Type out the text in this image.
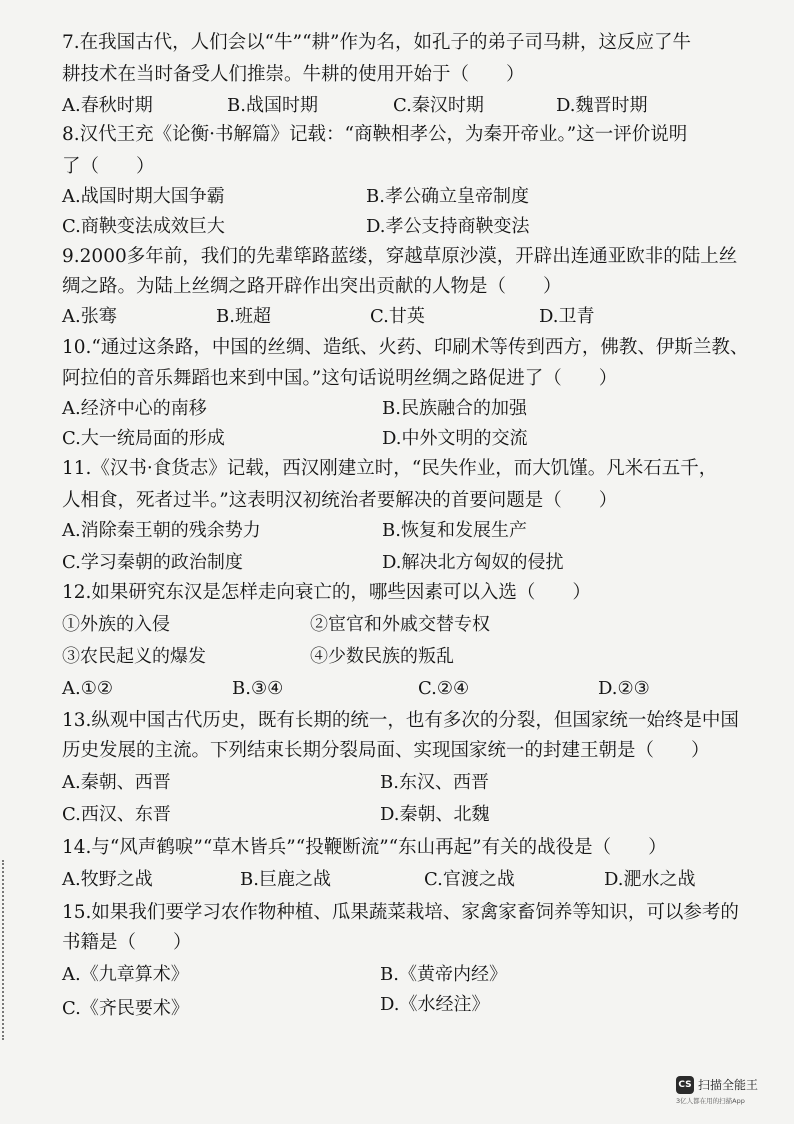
7.在我国古代，人们会以“牛”“耕”作为名，如孔子的弟子司马耕，这反应了牛
耕技术在当时备受人们推崇。牛耕的使用开始于（　　）
A.春秋时期	B.战国时期	C.秦汉时期	D.魏晋时期
8.汉代王充《论衡·书解篇》记载：“商鞅相孝公，为秦开帝业。”这一评价说明
了（　　）
A.战国时期大国争霸	B.孝公确立皇帝制度
C.商鞅变法成效巨大	D.孝公支持商鞅变法
9.2000多年前，我们的先辈筚路蓝缕，穿越草原沙漠，开辟出连通亚欧非的陆上丝
绸之路。为陆上丝绸之路开辟作出突出贡献的人物是（　　）
A.张骞	B.班超	C.甘英	D.卫青
10.“通过这条路，中国的丝绸、造纸、火药、印刷术等传到西方，佛教、伊斯兰教、
阿拉伯的音乐舞蹈也来到中国。”这句话说明丝绸之路促进了（　　）
A.经济中心的南移	B.民族融合的加强
C.大一统局面的形成	D.中外文明的交流
11.《汉书·食货志》记载，西汉刚建立时，“民失作业，而大饥馑。凡米石五千，
人相食，死者过半。”这表明汉初统治者要解决的首要问题是（　　）
A.消除秦王朝的残余势力	B.恢复和发展生产
C.学习秦朝的政治制度	D.解决北方匈奴的侵扰
12.如果研究东汉是怎样走向衰亡的，哪些因素可以入选（　　）
①外族的入侵	②宦官和外戚交替专权
③农民起义的爆发	④少数民族的叛乱
A.①②	B.③④	C.②④	D.②③
13.纵观中国古代历史，既有长期的统一，也有多次的分裂，但国家统一始终是中国
历史发展的主流。下列结束长期分裂局面、实现国家统一的封建王朝是（　　）
A.秦朝、西晋	B.东汉、西晋
C.西汉、东晋	D.秦朝、北魏
14.与“风声鹤唳”“草木皆兵”“投鞭断流”“东山再起”有关的战役是（　　）
A.牧野之战	B.巨鹿之战	C.官渡之战	D.淝水之战
15.如果我们要学习农作物种植、瓜果蔬菜栽培、家禽家畜饲养等知识，可以参考的
书籍是（　　）
A.《九章算术》	B.《黄帝内经》
C.《齐民要术》	D.《水经注》
CS 扫描全能王
3亿人都在用的扫描App
